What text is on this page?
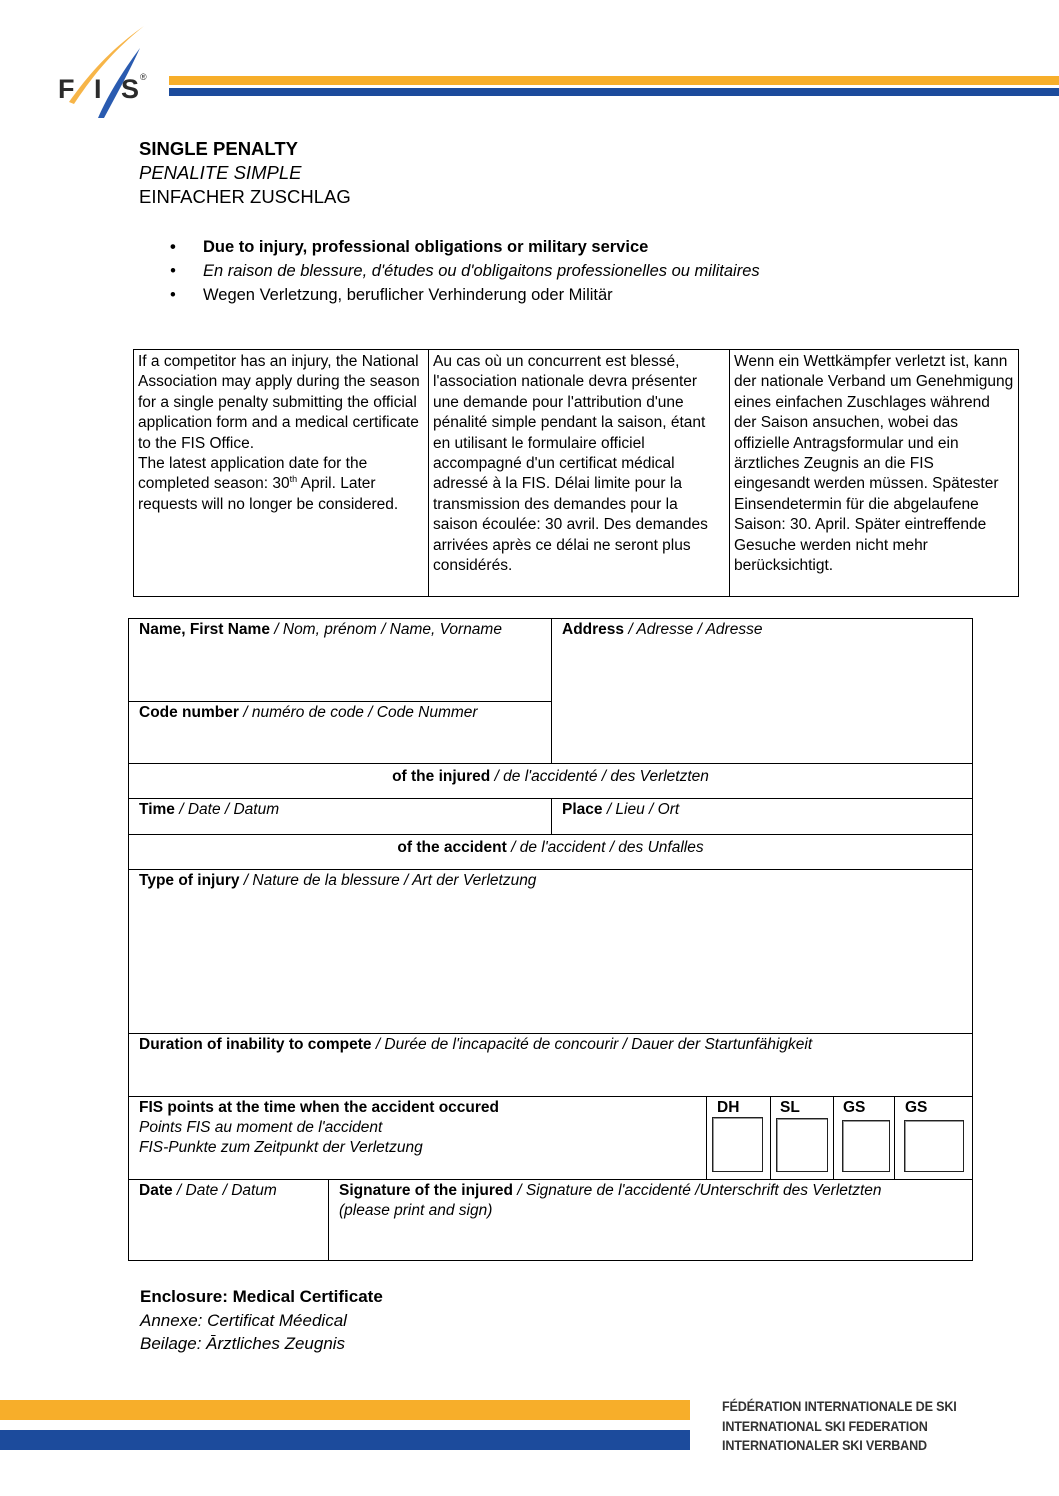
F I S ®
SINGLE PENALTY
PENALITE SIMPLE
EINFACHER ZUSCHLAG
• Due to injury, professional obligations or military service
• En raison de blessure, d'études ou d'obligaitons professionelles ou militaires
• Wegen Verletzung, beruflicher Verhinderung oder Militär
If a competitor has an injury, the National Association may apply during the season for a single penalty submitting the official application form and a medical certificate to the FIS Office.
The latest application date for the completed season: 30th April. Later requests will no longer be considered.
Au cas où un concurrent est blessé, l'association nationale devra présenter une demande pour l'attribution d'une pénalité simple pendant la saison, étant en utilisant le formulaire officiel accompagné d'un certificat médical adressé à la FIS. Délai limite pour la transmission des demandes pour la saison écoulée: 30 avril. Des demandes arrivées après ce délai ne seront plus considérés.
Wenn ein Wettkämpfer verletzt ist, kann der nationale Verband um Genehmigung eines einfachen Zuschlages während der Saison ansuchen, wobei das offizielle Antragsformular und ein ärztliches Zeugnis an die FIS eingesandt werden müssen. Spätester Einsendetermin für die abgelaufene Saison: 30. April. Später eintreffende Gesuche werden nicht mehr berücksichtigt.
Name, First Name / Nom, prénom / Name, Vorname
Code number / numéro de code / Code Nummer
Address / Adresse / Adresse
of the injured / de l'accidenté / des Verletzten
Time / Date / Datum	Place / Lieu / Ort
of the accident / de l'accident / des Unfalles
Type of injury / Nature de la blessure / Art der Verletzung
Duration of inability to compete / Durée de l'incapacité de concourir / Dauer der Startunfähigkeit
FIS points at the time when the accident occured
Points FIS au moment de l'accident
FIS-Punkte zum Zeitpunkt der Verletzung
DH	SL	GS	GS
Date / Date / Datum	Signature of the injured / Signature de l'accidenté /Unterschrift des Verletzten
(please print and sign)
Enclosure: Medical Certificate
Annexe: Certificat Méedical
Beilage: Ārztliches Zeugnis
FÉDÉRATION INTERNATIONALE DE SKI
INTERNATIONAL SKI FEDERATION
INTERNATIONALER SKI VERBAND
